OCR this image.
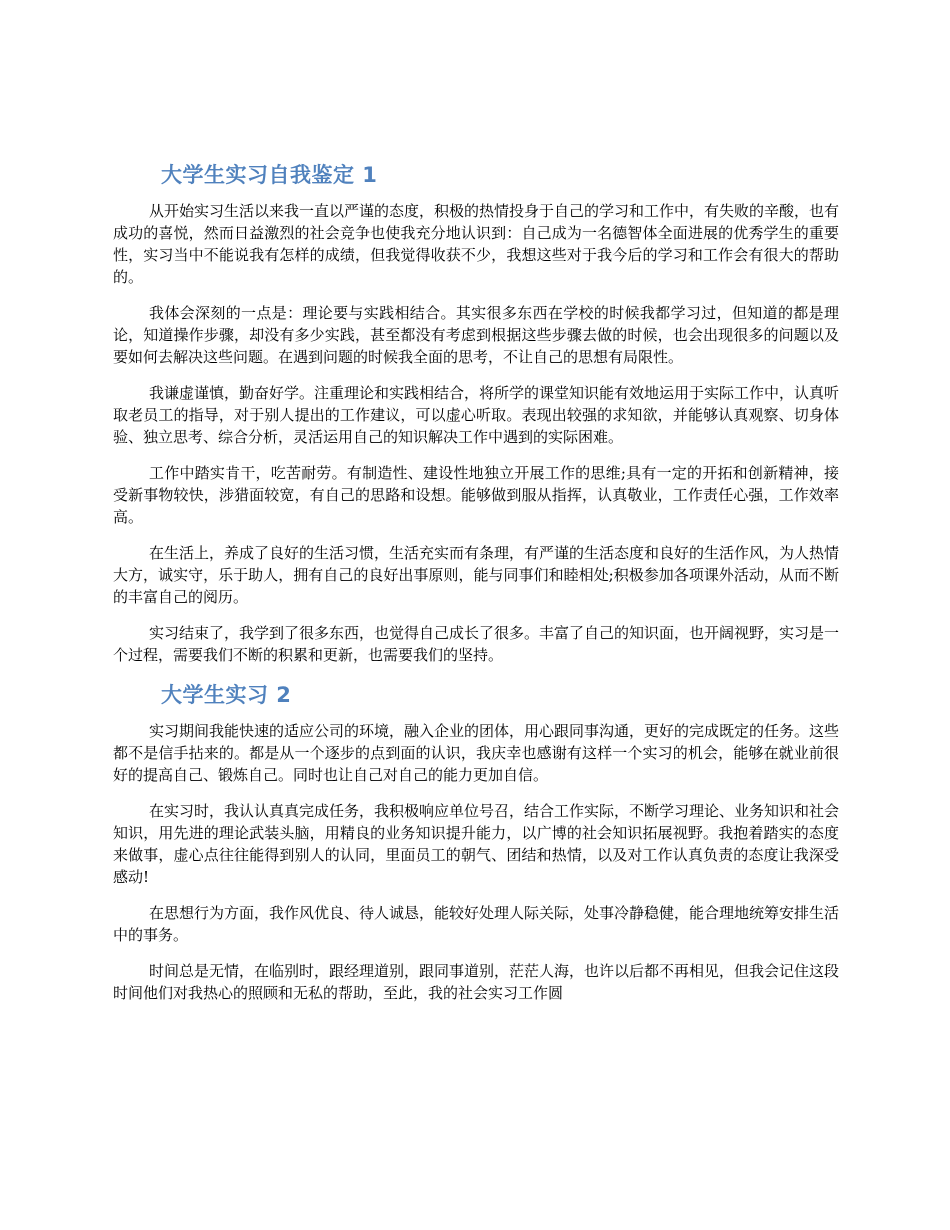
大学生实习自我鉴定 1

从开始实习生活以来我一直以严谨的态度，积极的热情投身于自己的学习和工作中，有失败的辛酸，也有成功的喜悦，然而日益激烈的社会竞争也使我充分地认识到：自己成为一名德智体全面进展的优秀学生的重要性，实习当中不能说我有怎样的成绩，但我觉得收获不少，我想这些对于我今后的学习和工作会有很大的帮助的。

我体会深刻的一点是：理论要与实践相结合。其实很多东西在学校的时候我都学习过，但知道的都是理论，知道操作步骤，却没有多少实践，甚至都没有考虑到根据这些步骤去做的时候，也会出现很多的问题以及要如何去解决这些问题。在遇到问题的时候我全面的思考，不让自己的思想有局限性。

我谦虚谨慎，勤奋好学。注重理论和实践相结合，将所学的课堂知识能有效地运用于实际工作中，认真听取老员工的指导，对于别人提出的工作建议，可以虚心听取。表现出较强的求知欲，并能够认真观察、切身体验、独立思考、综合分析，灵活运用自己的知识解决工作中遇到的实际困难。

工作中踏实肯干，吃苦耐劳。有制造性、建设性地独立开展工作的思维;具有一定的开拓和创新精神，接受新事物较快，涉猎面较宽，有自己的思路和设想。能够做到服从指挥，认真敬业，工作责任心强，工作效率高。

在生活上，养成了良好的生活习惯，生活充实而有条理，有严谨的生活态度和良好的生活作风，为人热情大方，诚实守，乐于助人，拥有自己的良好出事原则，能与同事们和睦相处;积极参加各项课外活动，从而不断的丰富自己的阅历。

实习结束了，我学到了很多东西，也觉得自己成长了很多。丰富了自己的知识面，也开阔视野，实习是一个过程，需要我们不断的积累和更新，也需要我们的坚持。

大学生实习 2

实习期间我能快速的适应公司的环境，融入企业的团体，用心跟同事沟通，更好的完成既定的任务。这些都不是信手拈来的。都是从一个逐步的点到面的认识，我庆幸也感谢有这样一个实习的机会，能够在就业前很好的提高自己、锻炼自己。同时也让自己对自己的能力更加自信。

在实习时，我认认真真完成任务，我积极响应单位号召，结合工作实际，不断学习理论、业务知识和社会知识，用先进的理论武装头脑，用精良的业务知识提升能力，以广博的社会知识拓展视野。我抱着踏实的态度来做事，虚心点往往能得到别人的认同，里面员工的朝气、团结和热情，以及对工作认真负责的态度让我深受感动!

在思想行为方面，我作风优良、待人诚恳，能较好处理人际关际，处事冷静稳健，能合理地统筹安排生活中的事务。

时间总是无情，在临别时，跟经理道别，跟同事道别，茫茫人海，也许以后都不再相见，但我会记住这段时间他们对我热心的照顾和无私的帮助，至此，我的社会实习工作圆
